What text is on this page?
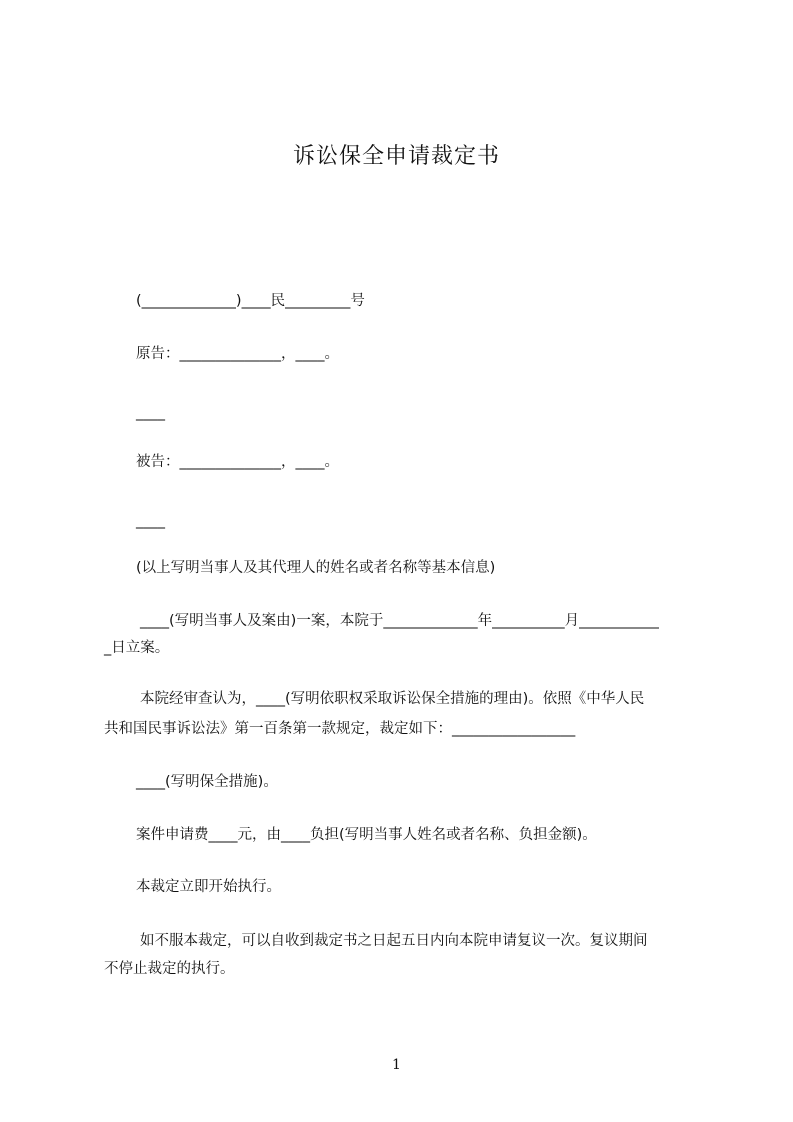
诉讼保全申请裁定书

(_____________)____民_________号

原告：______________，____。

____

被告：______________，____。

____

(以上写明当事人及其代理人的姓名或者名称等基本信息)

____(写明当事人及案由)一案，本院于_____________年__________月___________

_日立案。

本院经审查认为，____(写明依职权采取诉讼保全措施的理由)。依照《中华人民

共和国民事诉讼法》第一百条第一款规定，裁定如下：_________________

____(写明保全措施)。

案件申请费____元，由____负担(写明当事人姓名或者名称、负担金额)。

本裁定立即开始执行。

如不服本裁定，可以自收到裁定书之日起五日内向本院申请复议一次。复议期间

不停止裁定的执行。

1
